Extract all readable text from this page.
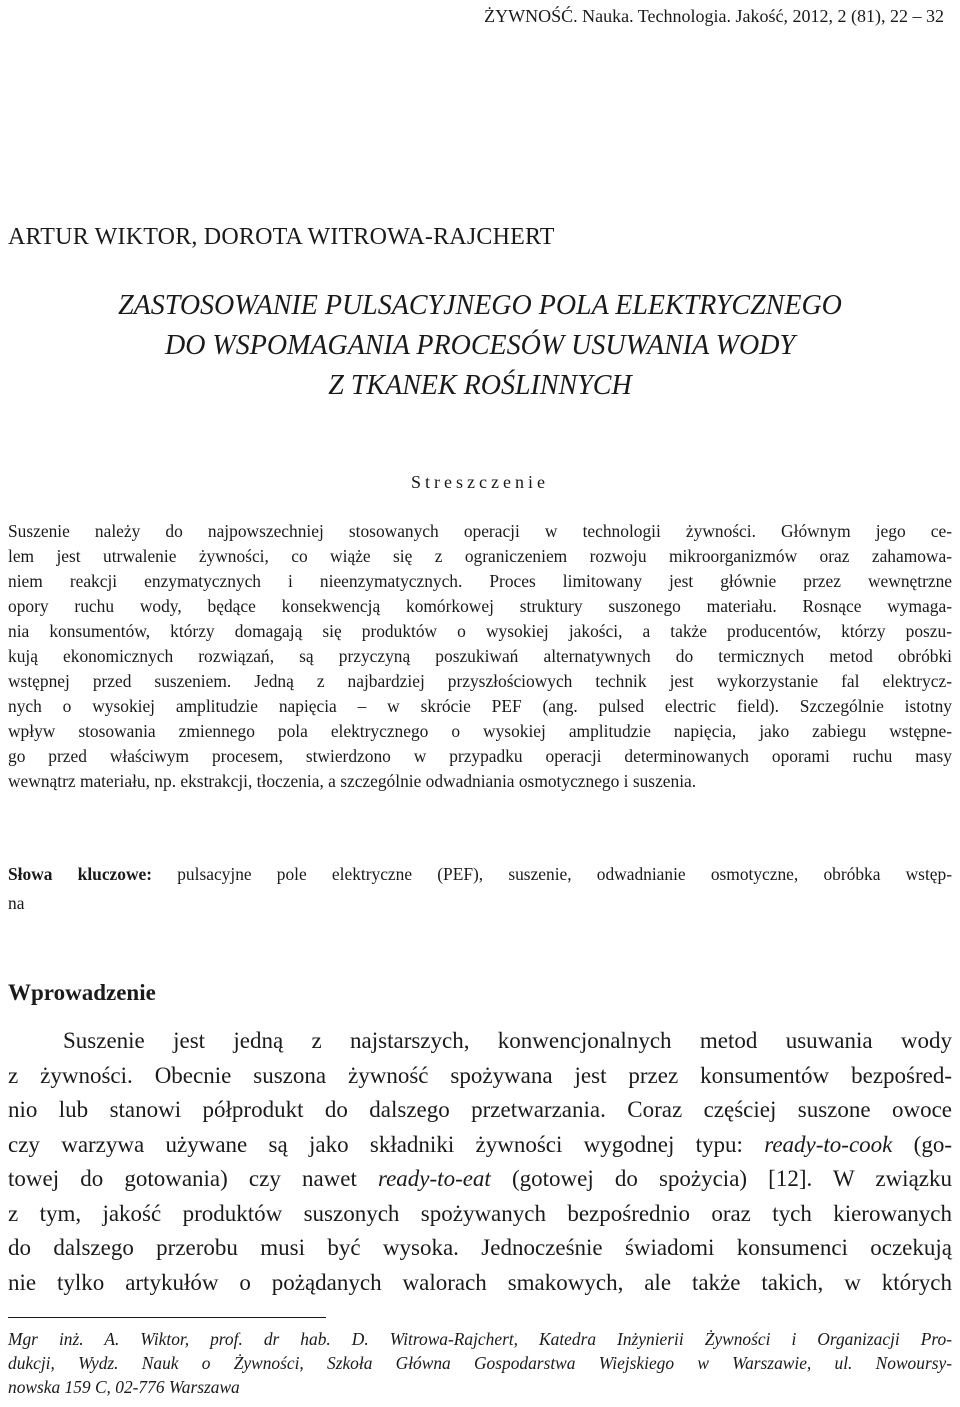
ŻYWNOŚĆ. Nauka. Technologia. Jakość, 2012, 2 (81), 22 – 32
ARTUR WIKTOR, DOROTA WITROWA-RAJCHERT
ZASTOSOWANIE PULSACYJNEGO POLA ELEKTRYCZNEGO
DO WSPOMAGANIA PROCESÓW USUWANIA WODY
Z TKANEK ROŚLINNYCH
Streszczenie
Suszenie należy do najpowszechniej stosowanych operacji w technologii żywności. Głównym jego ce-
lem jest utrwalenie żywności, co wiąże się z ograniczeniem rozwoju mikroorganizmów oraz zahamowa-
niem reakcji enzymatycznych i nieenzymatycznych. Proces limitowany jest głównie przez wewnętrzne
opory ruchu wody, będące konsekwencją komórkowej struktury suszonego materiału. Rosnące wymaga-
nia konsumentów, którzy domagają się produktów o wysokiej jakości, a także producentów, którzy poszu-
kują ekonomicznych rozwiązań, są przyczyną poszukiwań alternatywnych do termicznych metod obróbki
wstępnej przed suszeniem. Jedną z najbardziej przyszłościowych technik jest wykorzystanie fal elektrycz-
nych o wysokiej amplitudzie napięcia – w skrócie PEF (ang. pulsed electric field). Szczególnie istotny
wpływ stosowania zmiennego pola elektrycznego o wysokiej amplitudzie napięcia, jako zabiegu wstępne-
go przed właściwym procesem, stwierdzono w przypadku operacji determinowanych oporami ruchu masy
wewnątrz materiału, np. ekstrakcji, tłoczenia, a szczególnie odwadniania osmotycznego i suszenia.
Słowa kluczowe: pulsacyjne pole elektryczne (PEF), suszenie, odwadnianie osmotyczne, obróbka wstęp-
na
Wprowadzenie
Suszenie jest jedną z najstarszych, konwencjonalnych metod usuwania wody
z żywności. Obecnie suszona żywność spożywana jest przez konsumentów bezpośred-
nio lub stanowi półprodukt do dalszego przetwarzania. Coraz częściej suszone owoce
czy warzywa używane są jako składniki żywności wygodnej typu: ready-to-cook (go-
towej do gotowania) czy nawet ready-to-eat (gotowej do spożycia) [12]. W związku
z tym, jakość produktów suszonych spożywanych bezpośrednio oraz tych kierowanych
do dalszego przerobu musi być wysoka. Jednocześnie świadomi konsumenci oczekują
nie tylko artykułów o pożądanych walorach smakowych, ale także takich, w których
Mgr inż. A. Wiktor, prof. dr hab. D. Witrowa-Rajchert, Katedra Inżynierii Żywności i Organizacji Pro-
dukcji, Wydz. Nauk o Żywności, Szkoła Główna Gospodarstwa Wiejskiego w Warszawie, ul. Nowoursy-
nowska 159 C, 02-776 Warszawa
